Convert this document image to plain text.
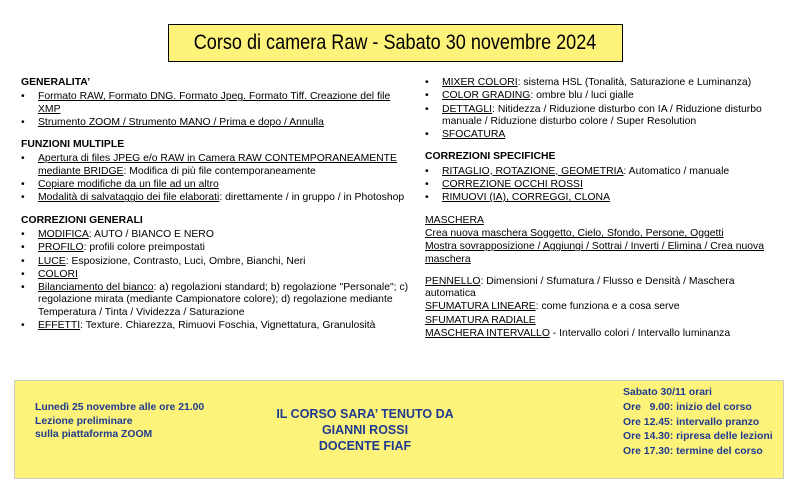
Corso di camera Raw - Sabato 30 novembre 2024
GENERALITA’
• Formato RAW, Formato DNG. Formato Jpeg. Formato Tiff. Creazione del file XMP
• Strumento ZOOM / Strumento MANO / Prima e dopo / Annulla
FUNZIONI MULTIPLE
• Apertura di files JPEG e/o RAW in Camera RAW CONTEMPORANEAMENTE mediante BRIDGE: Modifica di più file contemporaneamente
• Copiare modifiche da un file ad un altro
• Modalità di salvataggio dei file elaborati: direttamente / in gruppo / in Photoshop
CORREZIONI GENERALI
• MODIFICA: AUTO / BIANCO E NERO
• PROFILO: profili colore preimpostati
• LUCE: Esposizione, Contrasto, Luci, Ombre, Bianchi, Neri
• COLORI
• Bilanciamento del bianco: a) regolazioni standard; b) regolazione "Personale"; c) regolazione mirata (mediante Campionatore colore); d) regolazione mediante Temperatura / Tinta / Vividezza / Saturazione
• EFFETTI: Texture. Chiarezza, Rimuovi Foschia, Vignettatura, Granulosità
• MIXER COLORI: sistema HSL (Tonalità, Saturazione e Luminanza)
• COLOR GRADING: ombre blu / luci gialle
• DETTAGLI: Nitidezza / Riduzione disturbo con IA / Riduzione disturbo manuale / Riduzione disturbo colore / Super Resolution
• SFOCATURA
CORREZIONI SPECIFICHE
• RITAGLIO, ROTAZIONE, GEOMETRIA: Automatico / manuale
• CORREZIONE OCCHI ROSSI
• RIMUOVI (IA), CORREGGI, CLONA
MASCHERA
Crea nuova maschera Soggetto, Cielo, Sfondo, Persone, Oggetti
Mostra sovrapposizione / Aggiungi / Sottrai / Inverti / Elimina / Crea nuova maschera
PENNELLO: Dimensioni / Sfumatura / Flusso e Densità / Maschera automatica
SFUMATURA LINEARE: come funziona e a cosa serve
SFUMATURA RADIALE
MASCHERA INTERVALLO - Intervallo colori / Intervallo luminanza
Lunedì 25 novembre alle ore 21.00
Lezione preliminare
sulla piattaforma ZOOM
IL CORSO SARA’ TENUTO DA GIANNI ROSSI
DOCENTE FIAF
Sabato 30/11 orari
Ore   9.00: inizio del corso
Ore 12.45: intervallo pranzo
Ore 14.30: ripresa delle lezioni
Ore 17.30: termine del corso
